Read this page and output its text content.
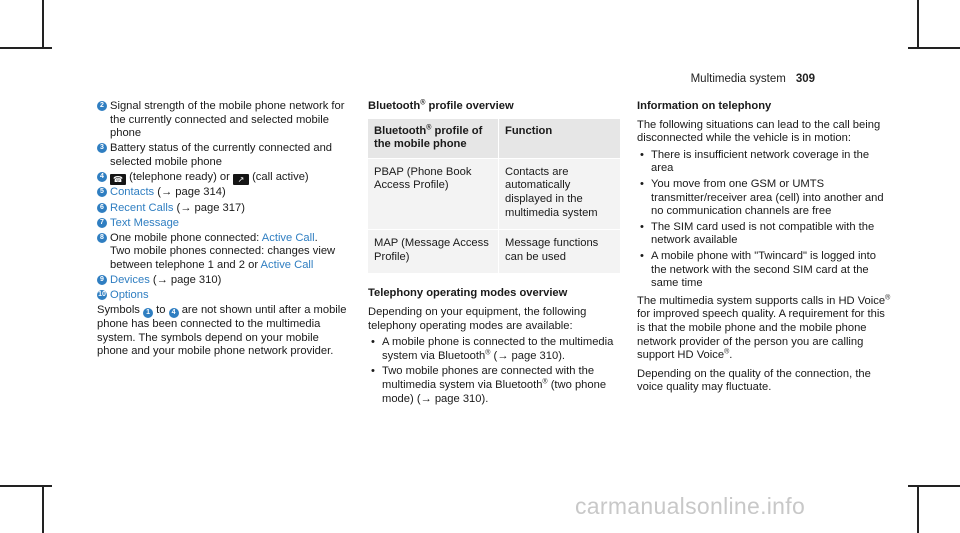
Multimedia system 309
2 Signal strength of the mobile phone network for the currently connected and selected mobile phone
3 Battery status of the currently connected and selected mobile phone
4	☎ (telephone ready) or ↗ (call active)
5 Contacts (→ page 314)
6 Recent Calls (→ page 317)
7 Text Message
8 One mobile phone connected: Active Call.
Two mobile phones connected: changes view between telephone 1 and 2 or Active Call
9 Devices (→ page 310)
10 Options

Symbols 1 to 4 are not shown until after a mobile phone has been connected to the multimedia system. The symbols depend on your mobile phone and your mobile phone network provider.

Bluetooth® profile overview
Bluetooth® profile of the mobile phone	Function
PBAP (Phone Book Access Profile)	Contacts are automatically displayed in the multimedia system
MAP (Message Access Profile)	Message functions can be used
Telephony operating modes overview

Depending on your equipment, the following telephony operating modes are available:

• A mobile phone is connected to the multimedia system via Bluetooth® (→ page 310).
• Two mobile phones are connected with the multimedia system via Bluetooth® (two phone mode) (→ page 310).
Information on telephony

The following situations can lead to the call being disconnected while the vehicle is in motion:

• There is insufficient network coverage in the area
• You move from one GSM or UMTS transmitter/receiver area (cell) into another and no communication channels are free
• The SIM card used is not compatible with the network available
• A mobile phone with "Twincard" is logged into the network with the second SIM card at the same time

The multimedia system supports calls in HD Voice® for improved speech quality. A requirement for this is that the mobile phone and the mobile phone network provider of the person you are calling support HD Voice®.

Depending on the quality of the connection, the voice quality may fluctuate.

carmanualsonline.info
